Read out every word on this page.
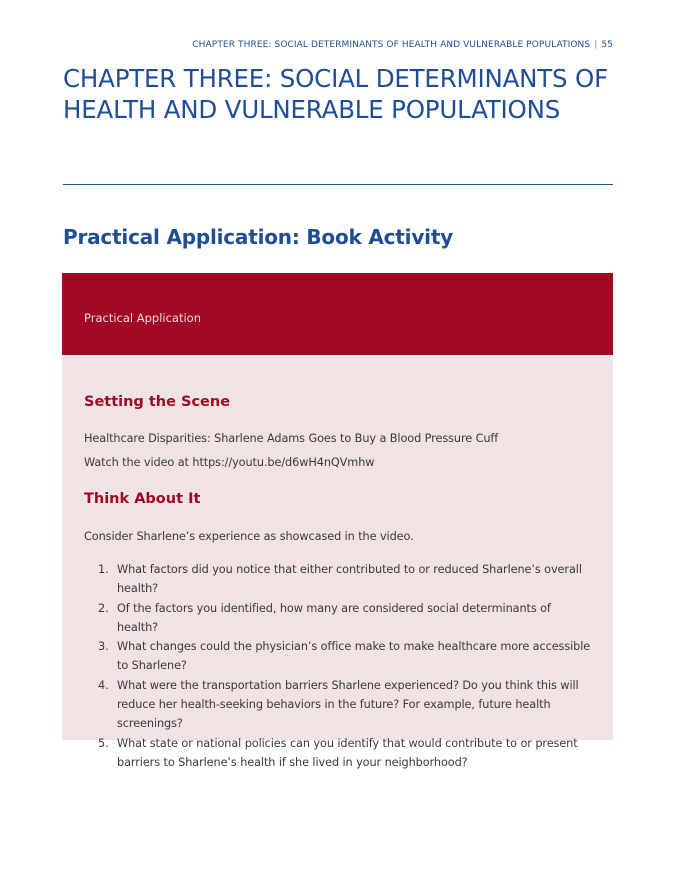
CHAPTER THREE: SOCIAL DETERMINANTS OF HEALTH AND VULNERABLE POPULATIONS | 55
CHAPTER THREE: SOCIAL DETERMINANTS OF HEALTH AND VULNERABLE POPULATIONS
Practical Application: Book Activity
Practical Application
Setting the Scene
Healthcare Disparities: Sharlene Adams Goes to Buy a Blood Pressure Cuff
Watch the video at https://youtu.be/d6wH4nQVmhw
Think About It
Consider Sharlene’s experience as showcased in the video.
1. What factors did you notice that either contributed to or reduced Sharlene’s overall health?
2. Of the factors you identified, how many are considered social determinants of health?
3. What changes could the physician’s office make to make healthcare more accessible to Sharlene?
4. What were the transportation barriers Sharlene experienced? Do you think this will reduce her health-seeking behaviors in the future? For example, future health screenings?
5. What state or national policies can you identify that would contribute to or present barriers to Sharlene’s health if she lived in your neighborhood?
